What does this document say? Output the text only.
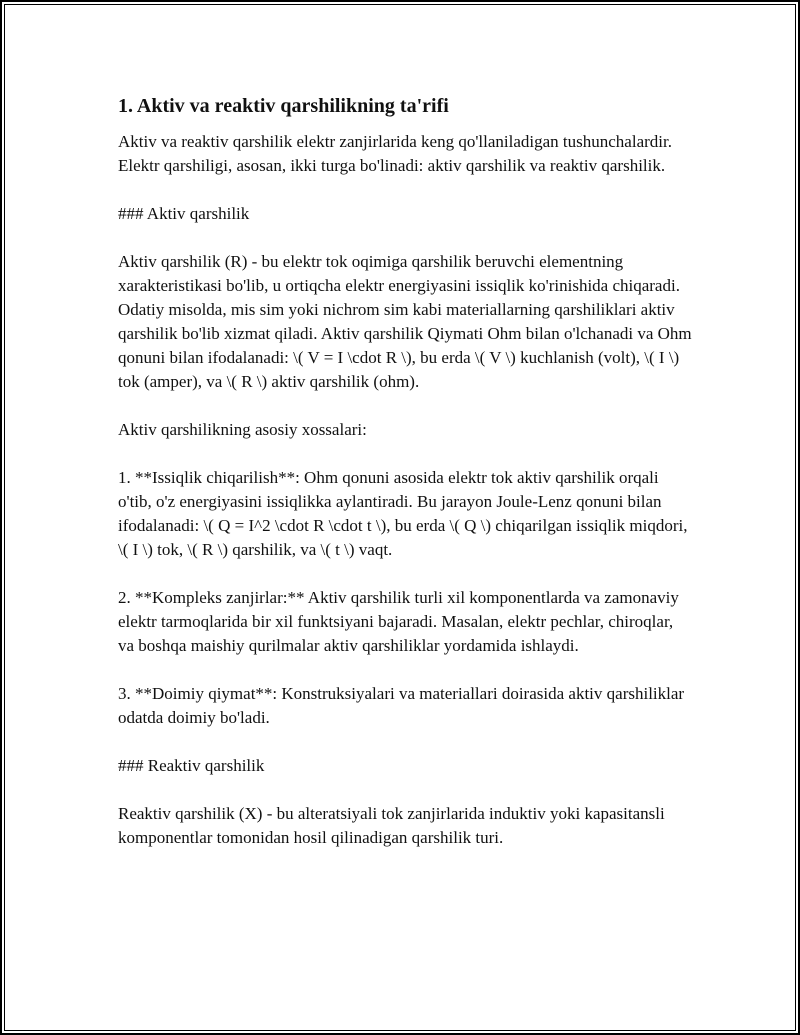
1. Aktiv va reaktiv qarshilikning ta'rifi

Aktiv va reaktiv qarshilik elektr zanjirlarida keng qo'llaniladigan tushunchalardir. Elektr qarshiligi, asosan, ikki turga bo'linadi: aktiv qarshilik va reaktiv qarshilik.

### Aktiv qarshilik

Aktiv qarshilik (R) - bu elektr tok oqimiga qarshilik beruvchi elementning xarakteristikasi bo'lib, u ortiqcha elektr energiyasini issiqlik ko'rinishida chiqaradi. Odatiy misolda, mis sim yoki nichrom sim kabi materiallarning qarshiliklari aktiv qarshilik bo'lib xizmat qiladi. Aktiv qarshilik Qiymati Ohm bilan o'lchanadi va Ohm qonuni bilan ifodalanadi: \( V = I \cdot R \), bu erda \( V \) kuchlanish (volt), \( I \) tok (amper), va \( R \) aktiv qarshilik (ohm).

Aktiv qarshilikning asosiy xossalari:

1. **Issiqlik chiqarilish**: Ohm qonuni asosida elektr tok aktiv qarshilik orqali o'tib, o'z energiyasini issiqlikka aylantiradi. Bu jarayon Joule-Lenz qonuni bilan ifodalanadi: \( Q = I^2 \cdot R \cdot t \), bu erda \( Q \) chiqarilgan issiqlik miqdori, \( I \) tok, \( R \) qarshilik, va \( t \) vaqt.

2. **Kompleks zanjirlar:** Aktiv qarshilik turli xil komponentlarda va zamonaviy elektr tarmoqlarida bir xil funktsiyani bajaradi. Masalan, elektr pechlar, chiroqlar, va boshqa maishiy qurilmalar aktiv qarshiliklar yordamida ishlaydi.

3. **Doimiy qiymat**: Konstruksiyalari va materiallari doirasida aktiv qarshiliklar odatda doimiy bo'ladi.

### Reaktiv qarshilik

Reaktiv qarshilik (X) - bu alteratsiyali tok zanjirlarida induktiv yoki kapasitansli komponentlar tomonidan hosil qilinadigan qarshilik turi.
